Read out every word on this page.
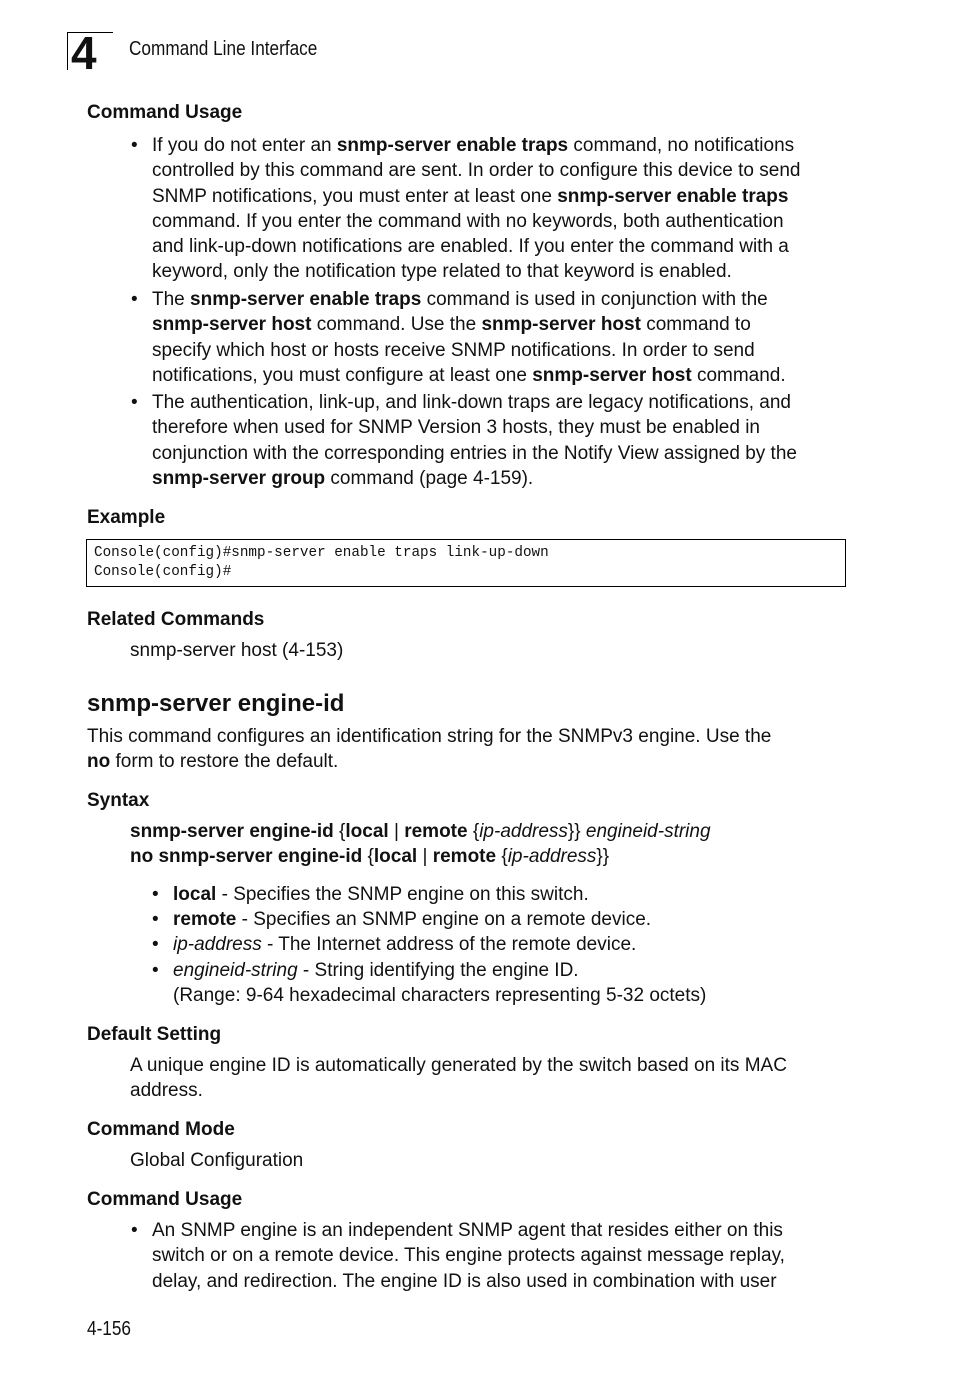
4	Command Line Interface
Command Usage
• If you do not enter an snmp-server enable traps command, no notifications
controlled by this command are sent. In order to configure this device to send
SNMP notifications, you must enter at least one snmp-server enable traps
command. If you enter the command with no keywords, both authentication
and link-up-down notifications are enabled. If you enter the command with a
keyword, only the notification type related to that keyword is enabled.
• The snmp-server enable traps command is used in conjunction with the
snmp-server host command. Use the snmp-server host command to
specify which host or hosts receive SNMP notifications. In order to send
notifications, you must configure at least one snmp-server host command.
• The authentication, link-up, and link-down traps are legacy notifications, and
therefore when used for SNMP Version 3 hosts, they must be enabled in
conjunction with the corresponding entries in the Notify View assigned by the
snmp-server group command (page 4-159).
Example
Console(config)#snmp-server enable traps link-up-down
Console(config)#
Related Commands
snmp-server host (4-153)
snmp-server engine-id
This command configures an identification string for the SNMPv3 engine. Use the
no form to restore the default.
Syntax
snmp-server engine-id {local | remote {ip-address}} engineid-string
no snmp-server engine-id {local | remote {ip-address}}
• local - Specifies the SNMP engine on this switch.
• remote - Specifies an SNMP engine on a remote device.
• ip-address - The Internet address of the remote device.
• engineid-string - String identifying the engine ID.
(Range: 9-64 hexadecimal characters representing 5-32 octets)
Default Setting
A unique engine ID is automatically generated by the switch based on its MAC
address.
Command Mode
Global Configuration
Command Usage
• An SNMP engine is an independent SNMP agent that resides either on this
switch or on a remote device. This engine protects against message replay,
delay, and redirection. The engine ID is also used in combination with user
4-156
